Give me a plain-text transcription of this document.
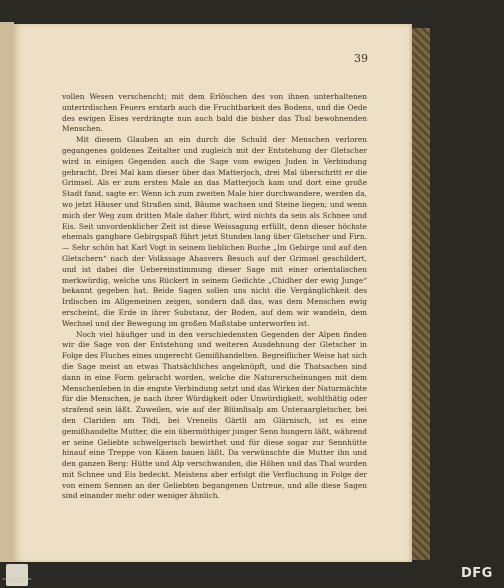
39

vollen Wesen verschencht; mit dem Erlöschen des von ihnen unterhaltenen unterirdischen Feuers erstarb auch die Fruchtbarkeit des Bodens, und die Oede des ewigen Eises verdrängte nun auch bald die bisher das Thal bewohnenden Menschen.

Mit diesem Glauben an ein durch die Schuld der Menschen verloren gegangenes goldenes Zeitalter und zugleich mit der Entstehung der Gletscher wird in einigen Gegenden auch die Sage vom ewigen Juden in Verbindung gebracht. Drei Mal kam dieser über das Matterjoch, drei Mal überschritt er die Grimsel. Als er zum ersten Male an das Matterjoch kam und dort eine große Stadt fand, sagte er: Wenn ich zum zweiten Male hier durchwandere, werden da, wo jetzt Häuser und Straßen sind, Bäume wachsen und Steine liegen; und wenn mich der Weg zum dritten Male daher führt, wird nichts da sein als Schnee und Eis. Seit unvordenklicher Zeit ist diese Weissagung erfüllt, denn dieser höchste ehemals gangbare Gebirgspaß führt jetzt Stunden lang über Gletscher und Firn. — Sehr schön hat Karl Vogt in seinem lieblichen Buche „Im Gebirge und auf den Gletschern“ nach der Volkssage Ahasvers Besuch auf der Grimsel geschildert, und ist dabei die Uebereinstimmung dieser Sage mit einer orientalischen merkwürdig, welche uns Rückert in seinem Gedichte „Chidher der ewig Junge“ bekannt gegeben hat. Beide Sagen sollen uns nicht die Vergänglichkeit des Irdischen im Allgemeinen zeigen, sondern daß das, was dem Menschen ewig erscheint, die Erde in ihrer Substanz, der Boden, auf dem wir wandeln, dem Wechsel und der Bewegung im großen Maßstabe unterworfen ist.

Noch viel häufiger und in den verschiedensten Gegenden der Alpen finden wir die Sage von der Entstehung und weiteren Ausdehnung der Gletscher in Folge des Fluches eines ungerecht Gemißhandelten. Begreiflicher Weise hat sich die Sage meist an etwas Thatsächliches angeknüpft, und die Thatsachen sind dann in eine Form gebracht worden, welche die Naturerscheinungen mit dem Menschenleben in die engste Verbindung setzt und das Wirken der Naturmächte für die Menschen, je nach ihrer Würdigkeit oder Unwürdigkeit, wohlthätig oder strafend sein läßt. Zuweilen, wie auf der Blümlisalp am Unteraargletscher, bei den Clariden am Tödi, bei Vrenelis Gärtli am Glärnisch, ist es eine gemißhandelte Mutter, die ein übermüthiger junger Senn hungern läßt, während er seine Geliebte schwelgerisch bewirthet und für diese sogar zur Sennhütte hinauf eine Treppe von Käsen bauen läßt. Da verwünschte die Mutter ihn und den ganzen Berg: Hütte und Alp verschwanden, die Höhen und das Thal wurden mit Schnee und Eis bedeckt. Meistens aber erfolgt die Verfluchung in Folge der von einem Sennen an der Geliebten begangenen Untreue, und alle diese Sagen sind einander mehr oder weniger ähnlich.

STAATSBIBLIOTHEK ZU BERLIN
DFG
